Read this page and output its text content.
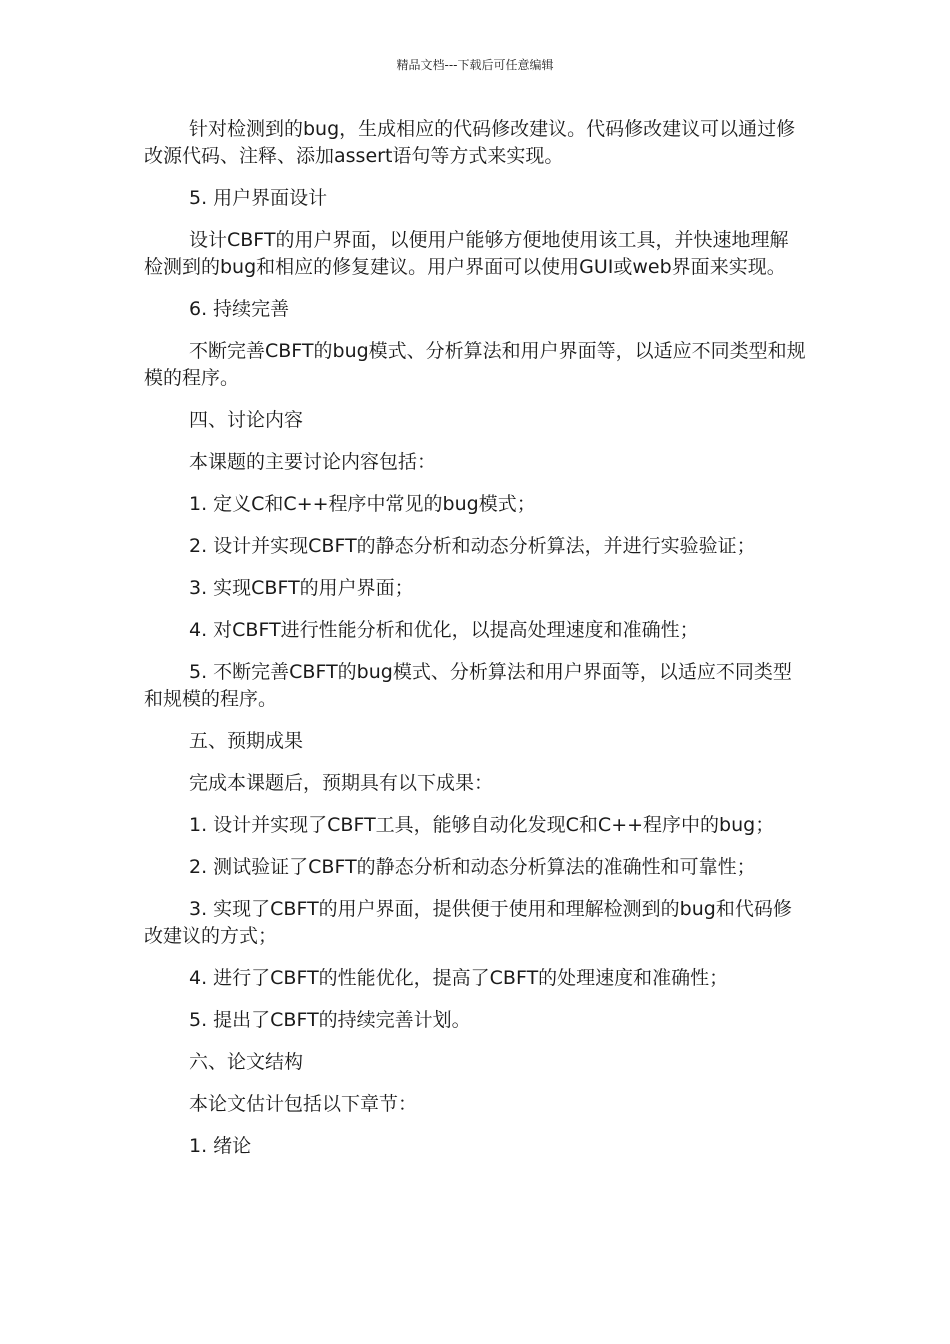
精品文档---下载后可任意编辑

针对检测到的bug，生成相应的代码修改建议。代码修改建议可以通过修改源代码、注释、添加assert语句等方式来实现。

5. 用户界面设计

设计CBFT的用户界面，以便用户能够方便地使用该工具，并快速地理解检测到的bug和相应的修复建议。用户界面可以使用GUI或web界面来实现。

6. 持续完善

不断完善CBFT的bug模式、分析算法和用户界面等，以适应不同类型和规模的程序。

四、讨论内容

本课题的主要讨论内容包括：

1. 定义C和C++程序中常见的bug模式；

2. 设计并实现CBFT的静态分析和动态分析算法，并进行实验验证；

3. 实现CBFT的用户界面；

4. 对CBFT进行性能分析和优化，以提高处理速度和准确性；

5. 不断完善CBFT的bug模式、分析算法和用户界面等，以适应不同类型和规模的程序。

五、预期成果

完成本课题后，预期具有以下成果：

1. 设计并实现了CBFT工具，能够自动化发现C和C++程序中的bug；

2. 测试验证了CBFT的静态分析和动态分析算法的准确性和可靠性；

3. 实现了CBFT的用户界面，提供便于使用和理解检测到的bug和代码修改建议的方式；

4. 进行了CBFT的性能优化，提高了CBFT的处理速度和准确性；

5. 提出了CBFT的持续完善计划。

六、论文结构

本论文估计包括以下章节：

1. 绪论
